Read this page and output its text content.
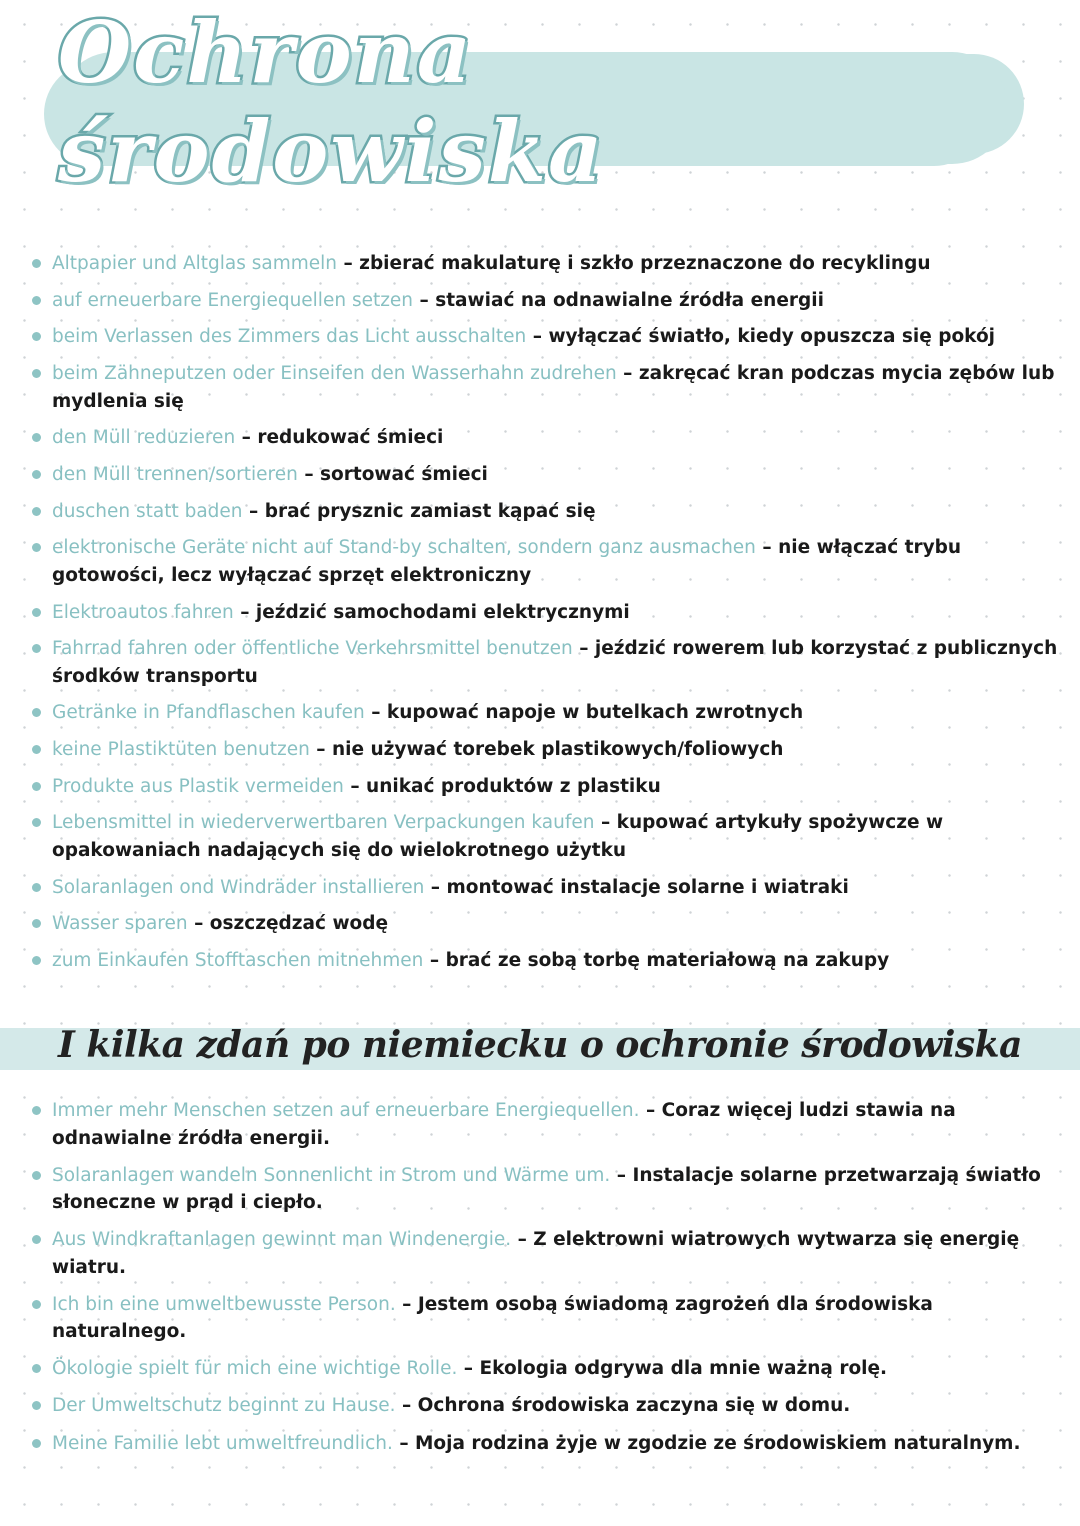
Ochrona środowiska
Altpapier und Altglas sammeln – zbierać makulaturę i szkło przeznaczone do recyklingu
auf erneuerbare Energiequellen setzen – stawiać na odnawialne źródła energii
beim Verlassen des Zimmers das Licht ausschalten – wyłączać światło, kiedy opuszcza się pokój
beim Zähneputzen oder Einseifen den Wasserhahn zudrehen – zakręcać kran podczas mycia zębów lub mydlenia się
den Müll reduzieren – redukować śmieci
den Müll trennen/sortieren – sortować śmieci
duschen statt baden – brać prysznic zamiast kąpać się
elektronische Geräte nicht auf Stand-by schalten, sondern ganz ausmachen – nie włączać trybu gotowości, lecz wyłączać sprzęt elektroniczny
Elektroautos fahren – jeździć samochodami elektrycznymi
Fahrrad fahren oder öffentliche Verkehrsmittel benutzen – jeździć rowerem lub korzystać z publicznych środków transportu
Getränke in Pfandflaschen kaufen – kupować napoje w butelkach zwrotnych
keine Plastiktüten benutzen – nie używać torebek plastikowych/foliowych
Produkte aus Plastik vermeiden – unikać produktów z plastiku
Lebensmittel in wiederverwertbaren Verpackungen kaufen – kupować artykuły spożywcze w opakowaniach nadających się do wielokrotnego użytku
Solaranlagen ond Windräder installieren – montować instalacje solarne i wiatraki
Wasser sparen – oszczędzać wodę
zum Einkaufen Stofftaschen mitnehmen – brać ze sobą torbę materiałową na zakupy
I kilka zdań po niemiecku o ochronie środowiska
Immer mehr Menschen setzen auf erneuerbare Energiequellen. – Coraz więcej ludzi stawia na odnawialne źródła energii.
Solaranlagen wandeln Sonnenlicht in Strom und Wärme um. – Instalacje solarne przetwarzają światło słoneczne w prąd i ciepło.
Aus Windkraftanlagen gewinnt man Windenergie. – Z elektrowni wiatrowych wytwarza się energię wiatru.
Ich bin eine umweltbewusste Person. – Jestem osobą świadomą zagrożeń dla środowiska naturalnego.
Ökologie spielt für mich eine wichtige Rolle. – Ekologia odgrywa dla mnie ważną rolę.
Der Umweltschutz beginnt zu Hause. – Ochrona środowiska zaczyna się w domu.
Meine Familie lebt umweltfreundlich. – Moja rodzina żyje w zgodzie ze środowiskiem naturalnym.
